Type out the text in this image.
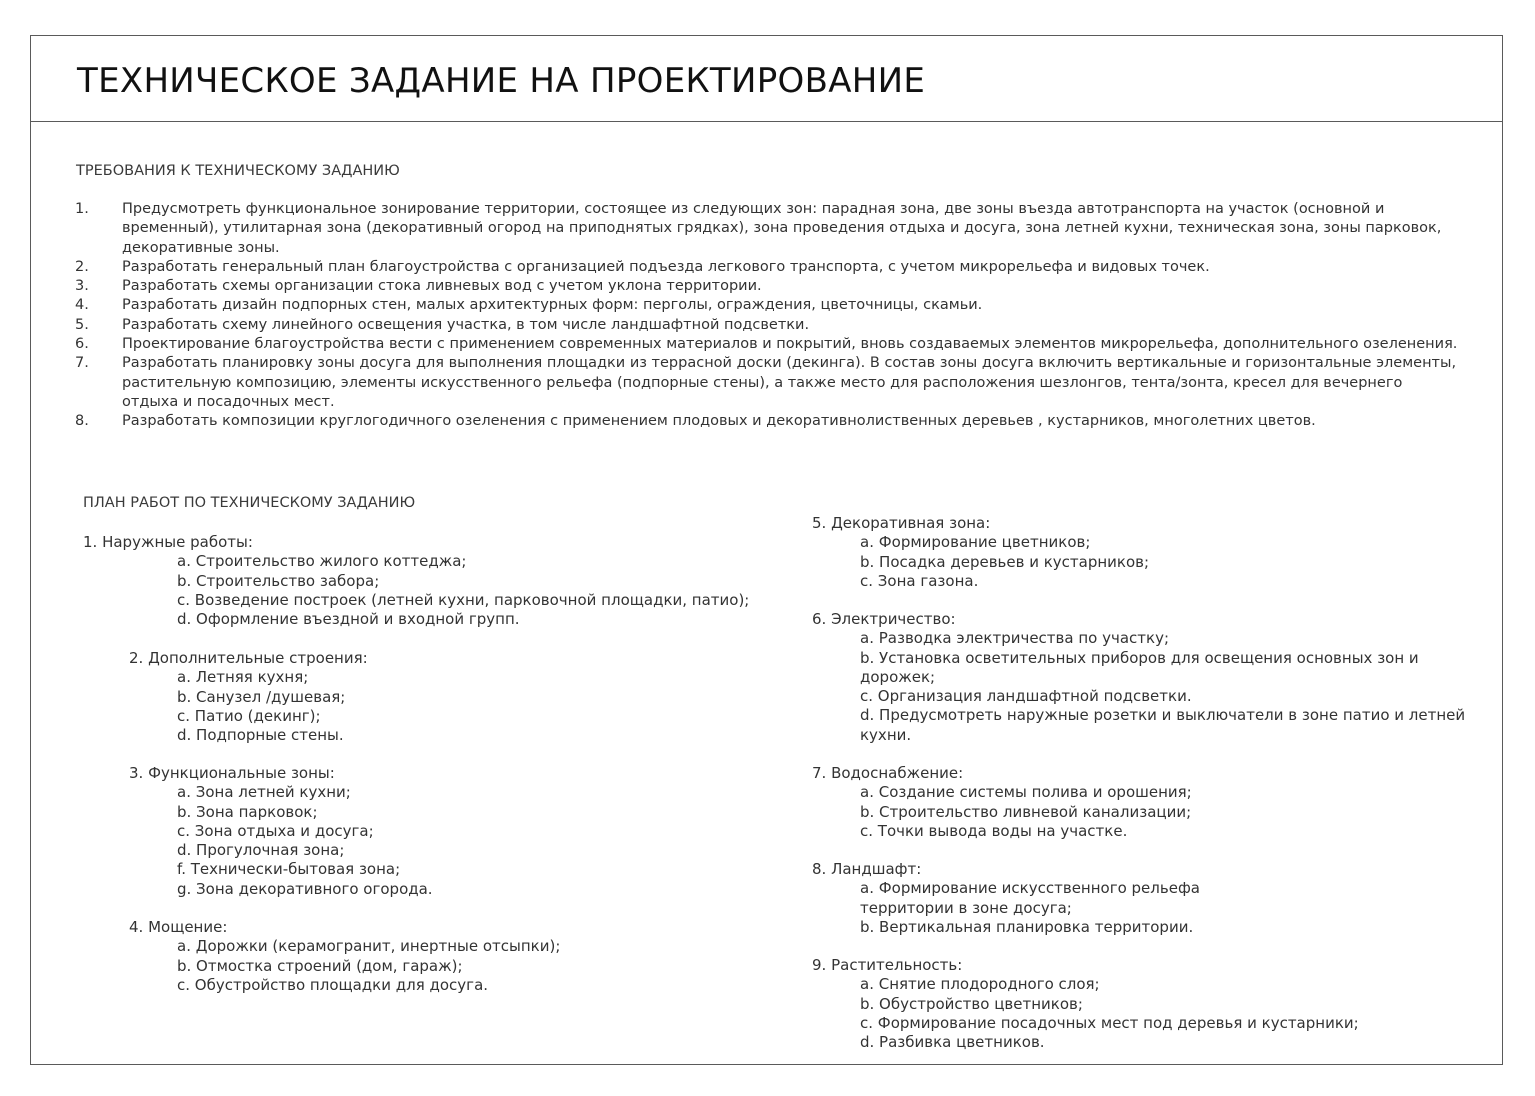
ТЕХНИЧЕСКОЕ ЗАДАНИЕ НА ПРОЕКТИРОВАНИЕ
ТРЕБОВАНИЯ К ТЕХНИЧЕСКОМУ ЗАДАНИЮ
1. Предусмотреть функциональное зонирование территории, состоящее из следующих зон: парадная зона, две зоны въезда автотранспорта на участок (основной и временный), утилитарная зона (декоративный огород на приподнятых грядках), зона проведения отдыха и досуга, зона летней кухни, техническая зона, зоны парковок, декоративные зоны.
2. Разработать генеральный план благоустройства с организацией подъезда легкового транспорта, с учетом микрорельефа и видовых точек.
3. Разработать схемы организации стока ливневых вод с учетом уклона территории.
4. Разработать дизайн подпорных стен, малых архитектурных форм: перголы, ограждения, цветочницы, скамьи.
5. Разработать схему линейного освещения участка, в том числе ландшафтной подсветки.
6. Проектирование благоустройства вести с применением современных материалов и покрытий, вновь создаваемых элементов микрорельефа, дополнительного озеленения.
7. Разработать планировку зоны досуга для выполнения площадки из террасной доски (декинга). В состав зоны досуга включить вертикальные и горизонтальные элементы, растительную композицию, элементы искусственного рельефа (подпорные стены), а также место для расположения шезлонгов, тента/зонта, кресел для вечернего отдыха и посадочных мест.
8. Разработать композиции круглогодичного озеленения с применением плодовых и декоративнолиственных деревьев , кустарников, многолетних цветов.
ПЛАН РАБОТ ПО ТЕХНИЧЕСКОМУ ЗАДАНИЮ
1. Наружные работы:
a. Строительство жилого коттеджа;
b. Строительство забора;
c. Возведение построек (летней кухни, парковочной площадки, патио);
d. Оформление въездной и входной групп.
2. Дополнительные строения:
a. Летняя кухня;
b. Санузел /душевая;
c. Патио (декинг);
d. Подпорные стены.
3. Функциональные зоны:
a. Зона летней кухни;
b. Зона парковок;
c. Зона отдыха и досуга;
d. Прогулочная зона;
f. Технически-бытовая зона;
g. Зона декоративного огорода.
4. Мощение:
a. Дорожки (керамогранит, инертные отсыпки);
b. Отмостка строений (дом, гараж);
c. Обустройство площадки для досуга.
5. Декоративная зона:
a. Формирование цветников;
b. Посадка деревьев и кустарников;
c. Зона газона.
6. Электричество:
a. Разводка электричества по участку;
b. Установка осветительных приборов для освещения основных зон и дорожек;
c. Организация ландшафтной подсветки.
d. Предусмотреть наружные розетки и выключатели в зоне патио и летней кухни.
7. Водоснабжение:
a. Создание системы полива и орошения;
b. Строительство ливневой канализации;
c. Точки вывода воды на участке.
8. Ландшафт:
a. Формирование искусственного рельефа территории в зоне досуга;
b. Вертикальная планировка территории.
9. Растительность:
a. Снятие плодородного слоя;
b. Обустройство цветников;
c. Формирование посадочных мест под деревья и кустарники;
d. Разбивка цветников.
